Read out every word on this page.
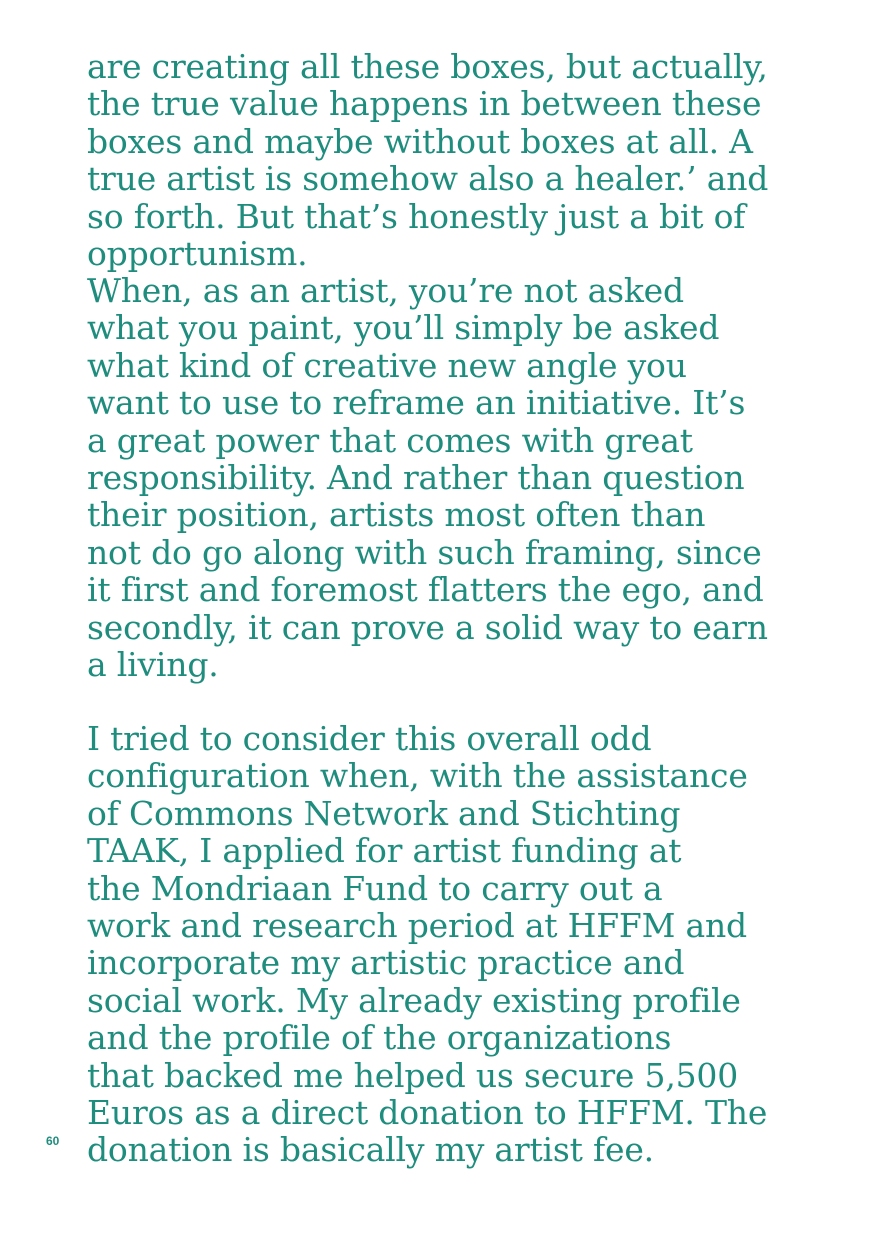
are creating all these boxes, but actually,
the true value happens in between these
boxes and maybe without boxes at all. A
true artist is somehow also a healer.’ and
so forth. But that’s honestly just a bit of
opportunism.
When, as an artist, you’re not asked
what you paint, you’ll simply be asked
what kind of creative new angle you
want to use to reframe an initiative. It’s
a great power that comes with great
responsibility. And rather than question
their position, artists most often than
not do go along with such framing, since
it first and foremost flatters the ego, and
secondly, it can prove a solid way to earn
a living.
I tried to consider this overall odd
configuration when, with the assistance
of Commons Network and Stichting
TAAK, I applied for artist funding at
the Mondriaan Fund to carry out a
work and research period at HFFM and
incorporate my artistic practice and
social work. My already existing profile
and the profile of the organizations
that backed me helped us secure 5,500
Euros as a direct donation to HFFM. The
donation is basically my artist fee.
60
